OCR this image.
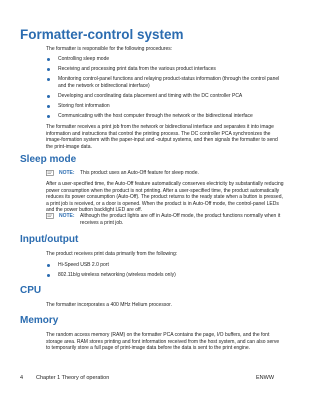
Formatter-control system
The formatter is responsible for the following procedures:
Controlling sleep mode
Receiving and processing print data from the various product interfaces
Monitoring control-panel functions and relaying product-status information (through the control panel and the network or bidirectional interface)
Developing and coordinating data placement and timing with the DC controller PCA
Storing font information
Communicating with the host computer through the network or the bidirectional interface
The formatter receives a print job from the network or bidirectional interface and separates it into image information and instructions that control the printing process. The DC controller PCA synchronizes the image-formation system with the paper-input and -output systems, and then signals the formatter to send the print-image data.
Sleep mode
NOTE: This product uses an Auto-Off feature for sleep mode.
After a user-specified time, the Auto-Off feature automatically conserves electricity by substantially reducing power consumption when the product is not printing. After a user-specified time, the product automatically reduces its power consumption (Auto-Off). The product returns to the ready state when a button is pressed, a print job is received, or a door is opened. When the product is in Auto-Off mode, the control-panel LEDs and the power button backlight LED are off.
NOTE: Although the product lights are off in Auto-Off mode, the product functions normally when it receives a print job.
Input/output
The product receives print data primarily from the following:
Hi-Speed USB 2.0 port
802.11b/g wireless networking (wireless models only)
CPU
The formatter incorporates a 400 MHz Helium processor.
Memory
The random access memory (RAM) on the formatter PCA contains the page, I/O buffers, and the font storage area. RAM stores printing and font information received from the host system, and can also serve to temporarily store a full page of print-image data before the data is sent to the print engine.
4 Chapter 1 Theory of operation	ENWW
